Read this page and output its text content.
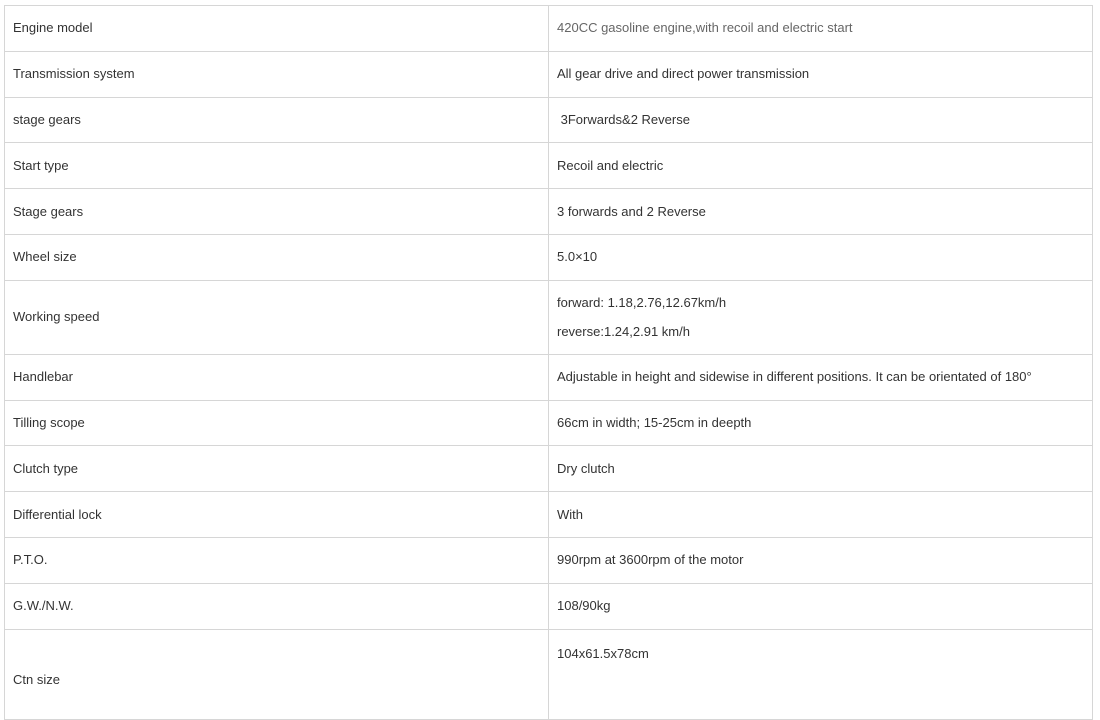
Engine model	420CC gasoline engine,with recoil and electric start
Transmission system	All gear drive and direct power transmission
stage gears	3Forwards&2 Reverse
Start type	Recoil and electric
Stage gears	3 forwards and 2 Reverse
Wheel size	5.0×10
Working speed	forward: 1.18,2.76,12.67km/h
reverse:1.24,2.91 km/h

Handlebar	Adjustable in height and sidewise in different positions. It can be orientated of 180°
Tilling scope	66cm in width; 15-25cm in deepth
Clutch type	Dry clutch
Differential lock	With
P.T.O.	990rpm at 3600rpm of the motor
G.W./N.W.	108/90kg
Ctn size	104x61.5x78cm
